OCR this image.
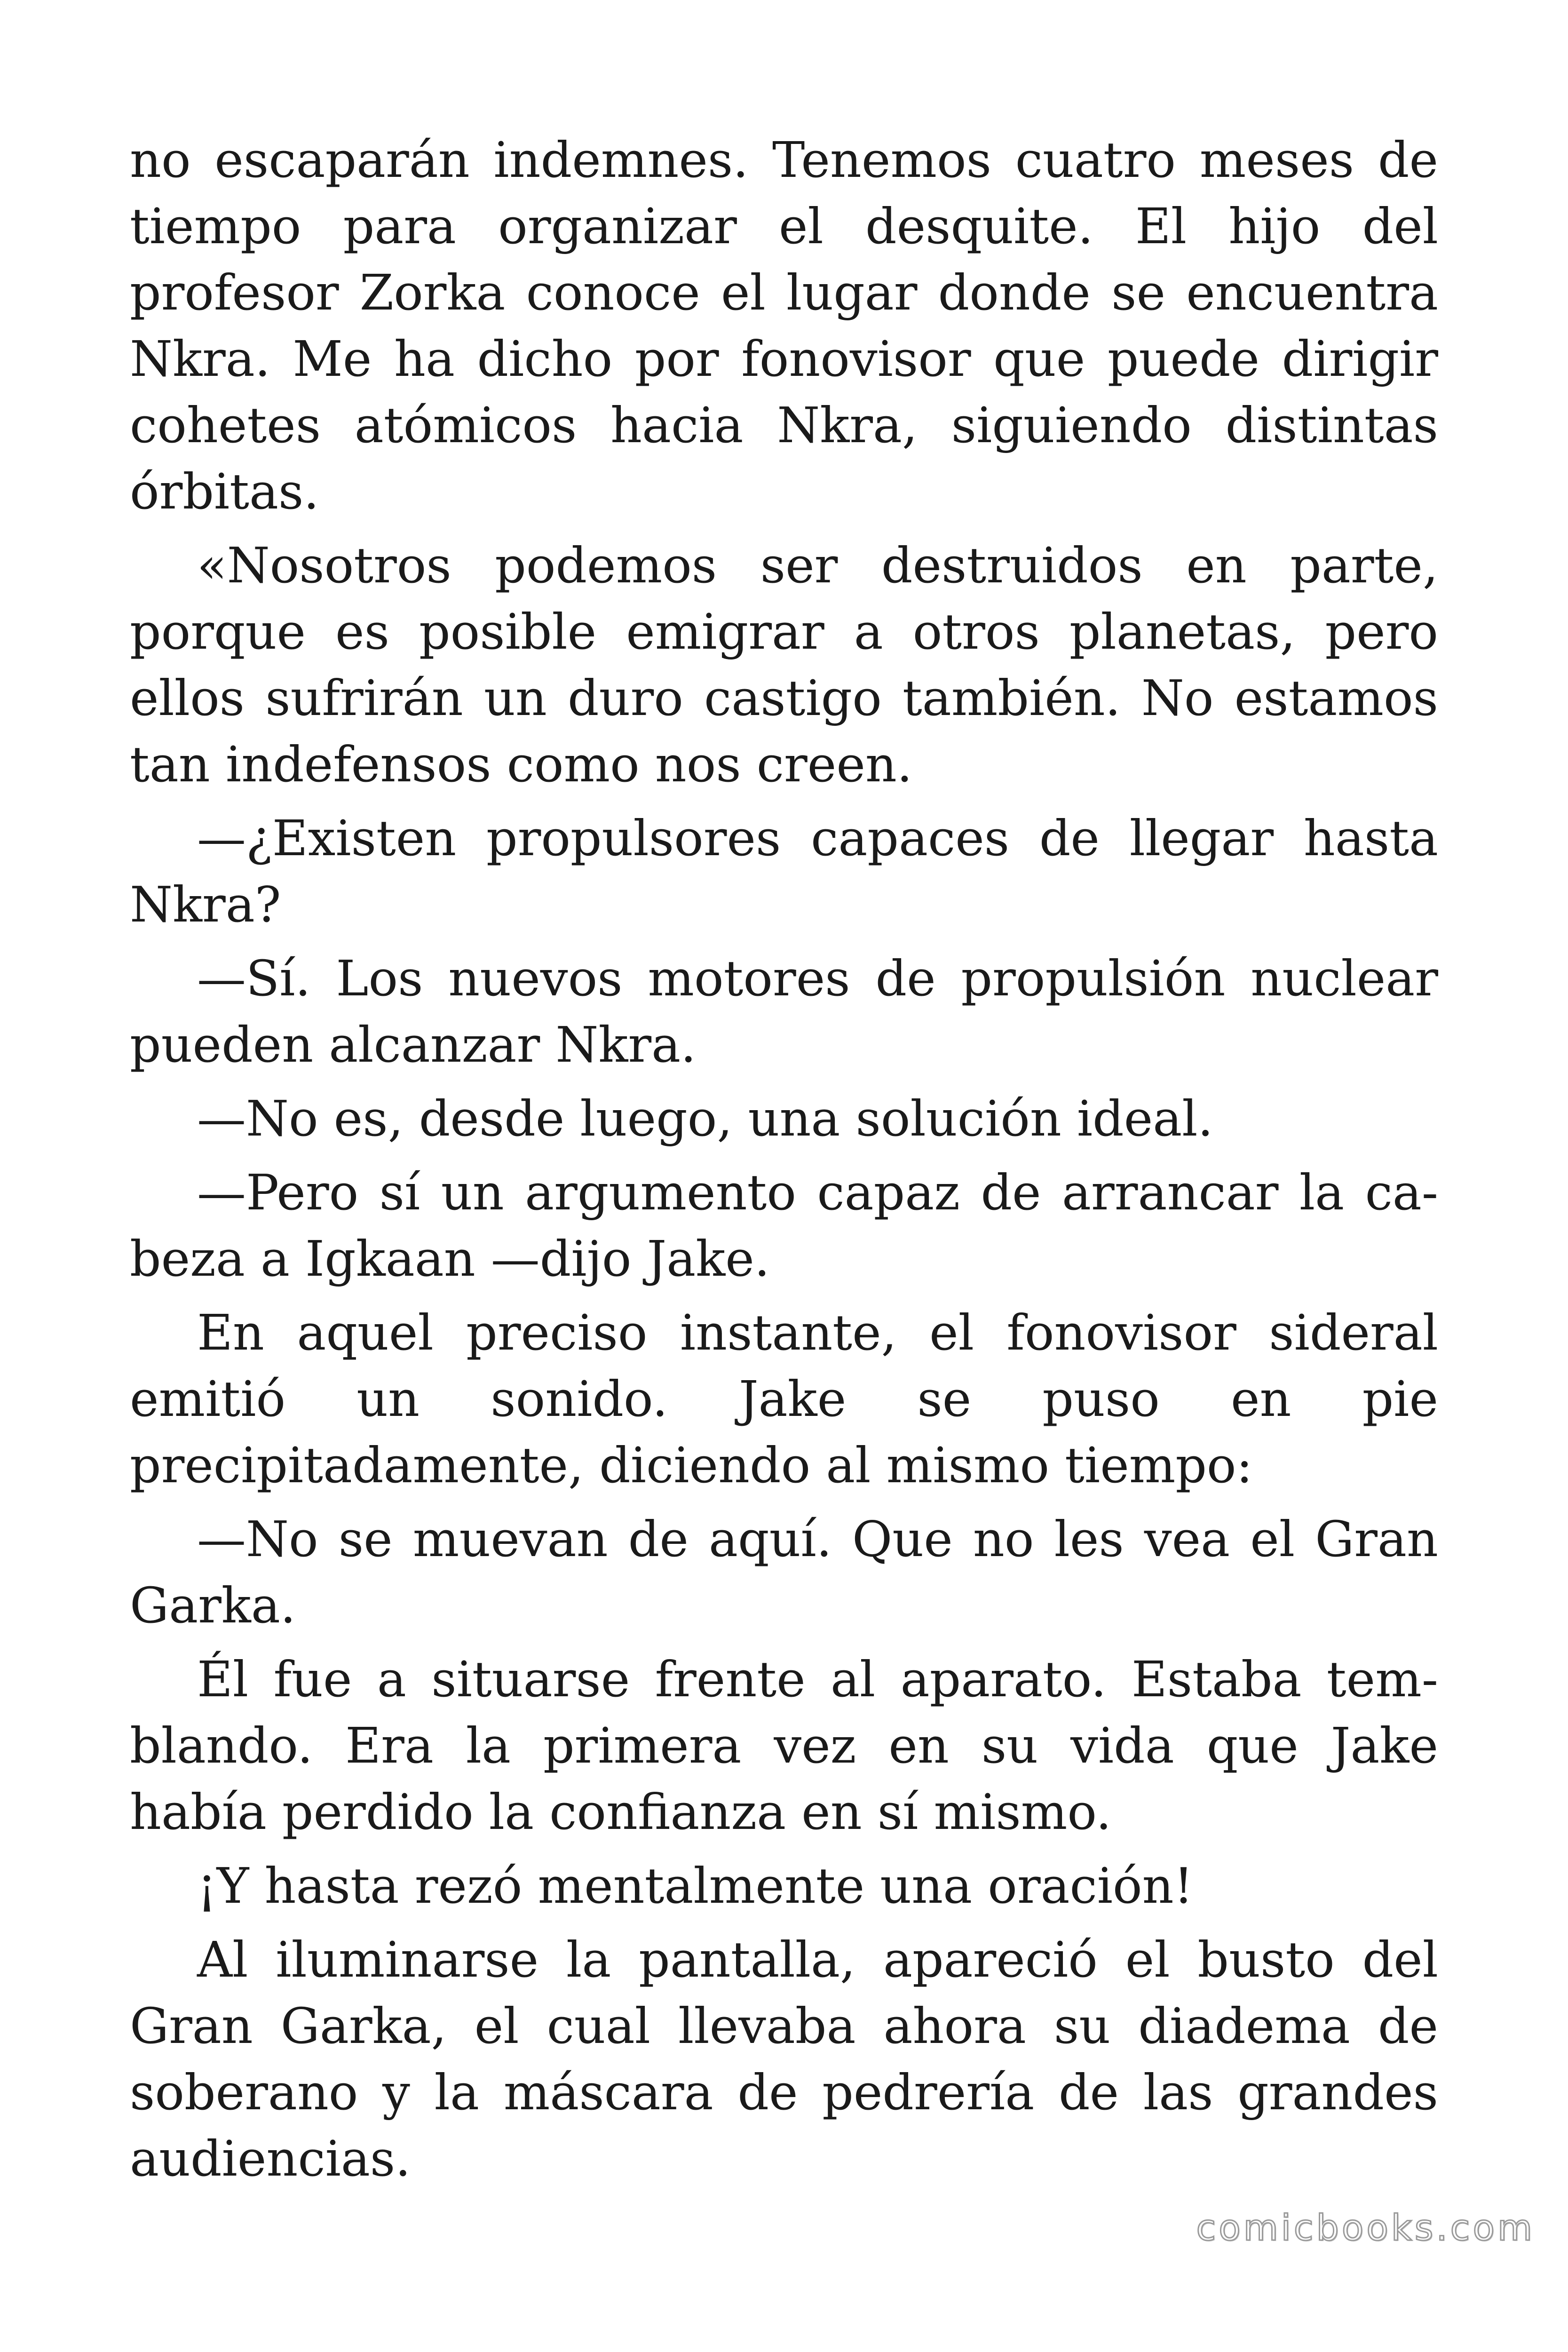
no escaparán indemnes. Tenemos cuatro meses de tiempo para organizar el desquite. El hijo del profesor Zorka conoce el lugar donde se encuentra Nkra. Me ha dicho por fonovisor que puede dirigir cohetes atómicos hacia Nkra, siguiendo distintas órbitas.

«Nosotros podemos ser destruidos en parte, porque es posible emigrar a otros planetas, pero ellos sufrirán un duro castigo también. No estamos tan indefensos como nos creen.

—¿Existen propulsores capaces de llegar hasta Nkra?

—Sí. Los nuevos motores de propulsión nuclear pueden alcanzar Nkra.

—No es, desde luego, una solución ideal.

—Pero sí un argumento capaz de arrancar la cabeza a Igkaan —dijo Jake.

En aquel preciso instante, el fonovisor sideral emitió un sonido. Jake se puso en pie precipitadamente, diciendo al mismo tiempo:

—No se muevan de aquí. Que no les vea el Gran Garka.

Él fue a situarse frente al aparato. Estaba temblando. Era la primera vez en su vida que Jake había perdido la confianza en sí mismo.

¡Y hasta rezó mentalmente una oración!

Al iluminarse la pantalla, apareció el busto del Gran Garka, el cual llevaba ahora su diadema de soberano y la máscara de pedrería de las grandes audiencias.

comicbooks.com
